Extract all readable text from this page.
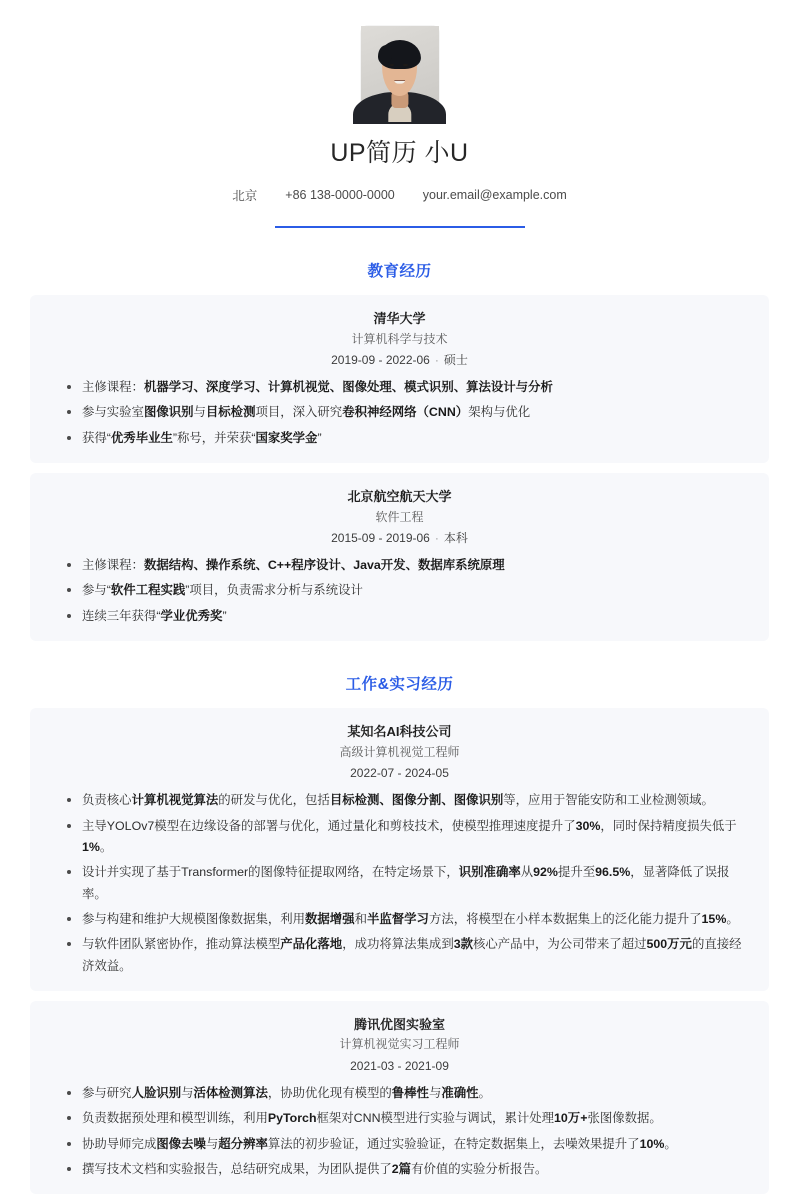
UP简历 小U
北京 +86 138-0000-0000 your.email@example.com
教育经历
清华大学
计算机科学与技术
2019-09 - 2022-06 · 硕士
主修课程：机器学习、深度学习、计算机视觉、图像处理、模式识别、算法设计与分析
参与实验室图像识别与目标检测项目，深入研究卷积神经网络（CNN）架构与优化
获得“优秀毕业生”称号，并荣获“国家奖学金”
北京航空航天大学
软件工程
2015-09 - 2019-06 · 本科
主修课程：数据结构、操作系统、C++程序设计、Java开发、数据库系统原理
参与“软件工程实践”项目，负责需求分析与系统设计
连续三年获得“学业优秀奖”
工作&实习经历
某知名AI科技公司
高级计算机视觉工程师
2022-07 - 2024-05
负责核心计算机视觉算法的研发与优化，包括目标检测、图像分割、图像识别等，应用于智能安防和工业检测领域。
主导YOLOv7模型在边缘设备的部署与优化，通过量化和剪枝技术，使模型推理速度提升了30%，同时保持精度损失低于1%。
设计并实现了基于Transformer的图像特征提取网络，在特定场景下，识别准确率从92%提升至96.5%，显著降低了误报率。
参与构建和维护大规模图像数据集，利用数据增强和半监督学习方法，将模型在小样本数据集上的泛化能力提升了15%。
与软件团队紧密协作，推动算法模型产品化落地，成功将算法集成到3款核心产品中，为公司带来了超过500万元的直接经济效益。
腾讯优图实验室
计算机视觉实习工程师
2021-03 - 2021-09
参与研究人脸识别与活体检测算法，协助优化现有模型的鲁棒性与准确性。
负责数据预处理和模型训练，利用PyTorch框架对CNN模型进行实验与调试，累计处理10万+张图像数据。
协助导师完成图像去噪与超分辨率算法的初步验证，通过实验验证，在特定数据集上，去噪效果提升了10%。
撰写技术文档和实验报告，总结研究成果，为团队提供了2篇有价值的实验分析报告。
